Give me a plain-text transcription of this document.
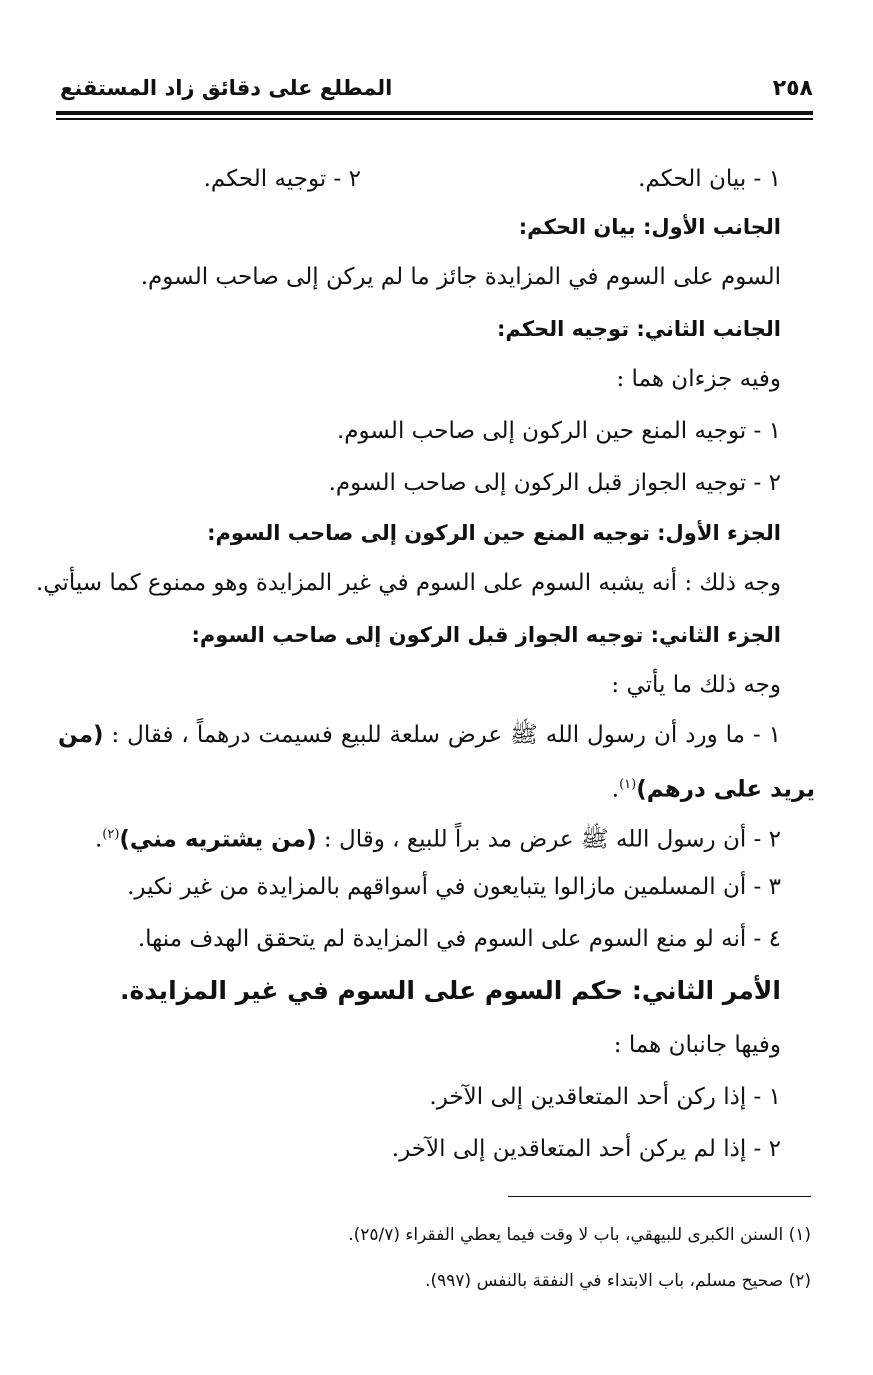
٢٥٨
المطلع على دقائق زاد المستقنع
١ - بيان الحكم.
٢ - توجيه الحكم.
الجانب الأول: بيان الحكم:
السوم على السوم في المزايدة جائز ما لم يركن إلى صاحب السوم.
الجانب الثاني: توجيه الحكم:
وفيه جزءان هما :
١ - توجيه المنع حين الركون إلى صاحب السوم.
٢ - توجيه الجواز قبل الركون إلى صاحب السوم.
الجزء الأول: توجيه المنع حين الركون إلى صاحب السوم:
وجه ذلك : أنه يشبه السوم على السوم في غير المزايدة وهو ممنوع كما سيأتي.
الجزء الثاني: توجيه الجواز قبل الركون إلى صاحب السوم:
وجه ذلك ما يأتي :
١ - ما ورد أن رسول الله ﷺ عرض سلعة للبيع فسيمت درهماً ، فقال : (من
يريد على درهم)$^{(١)}$.
٢ - أن رسول الله ﷺ عرض مد براً للبيع ، وقال : (من يشتريه مني)$^{(٢)}$.
٣ - أن المسلمين مازالوا يتبايعون في أسواقهم بالمزايدة من غير نكير.
٤ - أنه لو منع السوم على السوم في المزايدة لم يتحقق الهدف منها.
الأمر الثاني: حكم السوم على السوم في غير المزايدة.
وفيها جانبان هما :
١ - إذا ركن أحد المتعاقدين إلى الآخر.
٢ - إذا لم يركن أحد المتعاقدين إلى الآخر.
(١) السنن الكبرى للبيهقي، باب لا وقت فيما يعطي الفقراء (٢٥/٧).
(٢) صحيح مسلم، باب الابتداء في النفقة بالنفس (٩٩٧).
